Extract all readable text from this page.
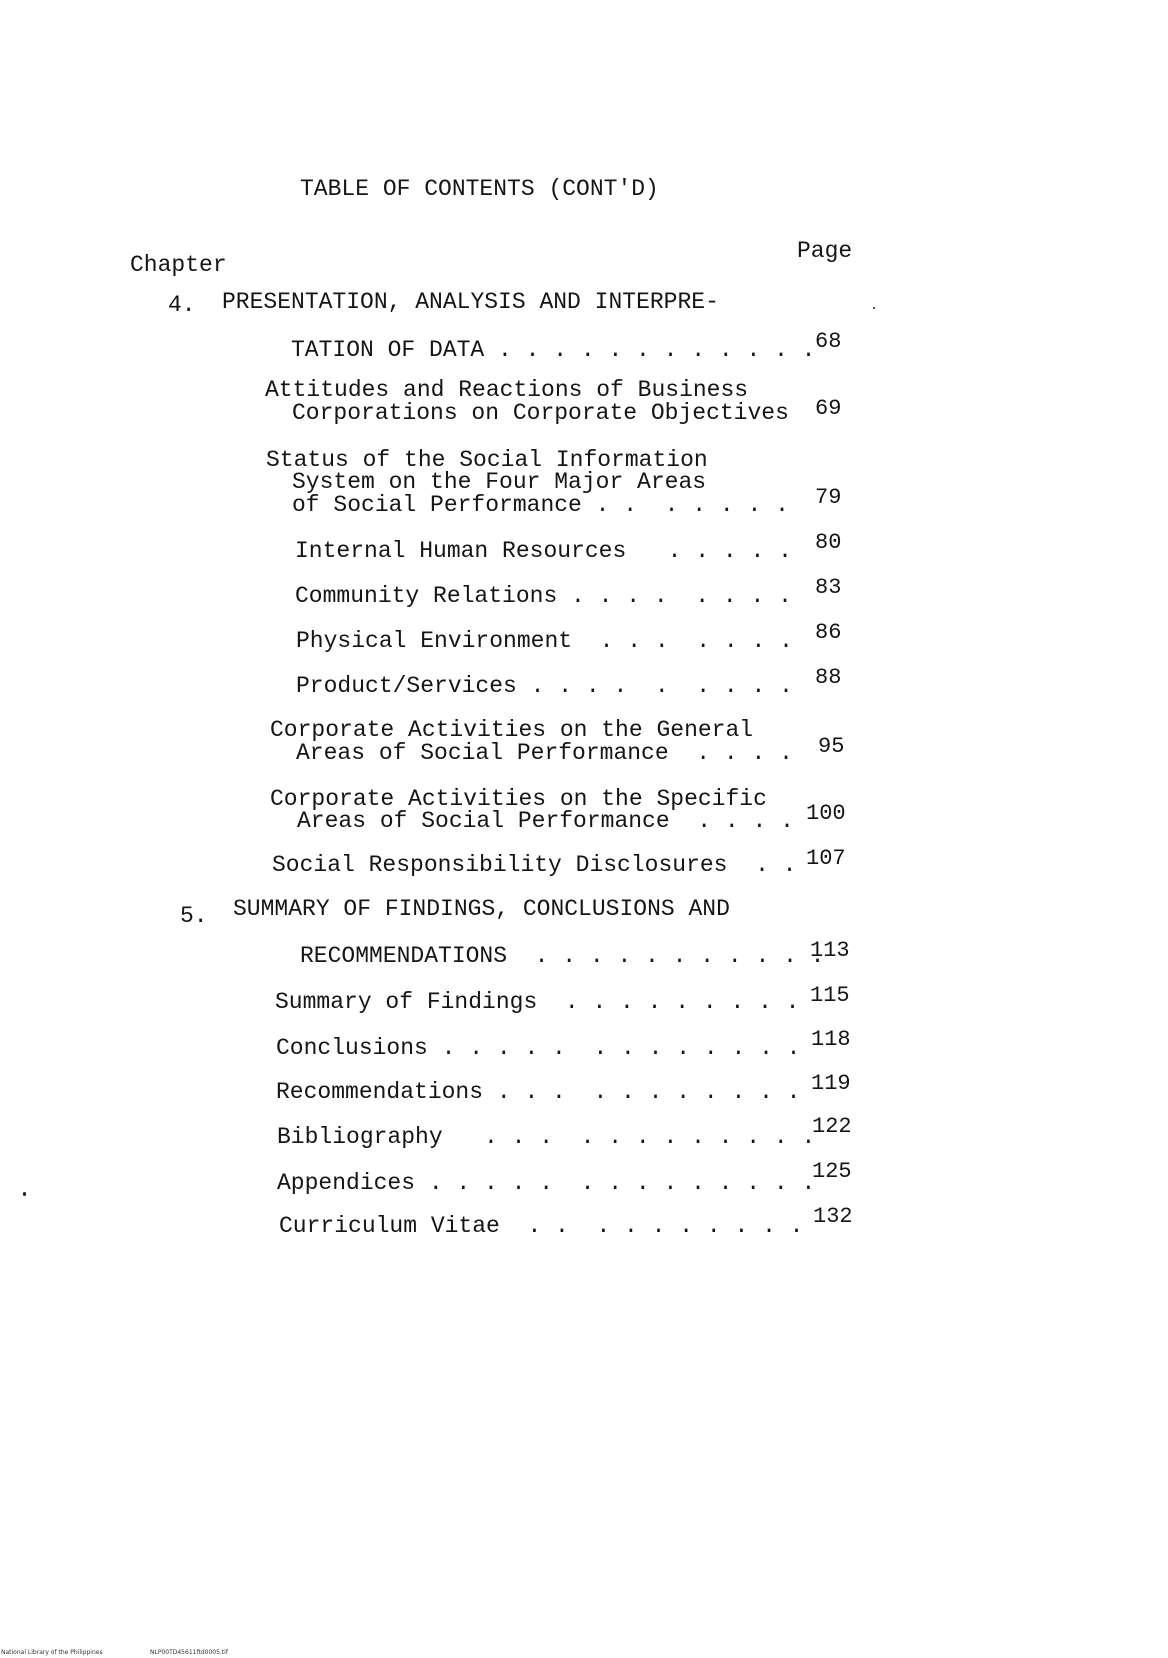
TABLE OF CONTENTS (CONT'D)
Chapter
Page
4. PRESENTATION, ANALYSIS AND INTERPRE-
TATION OF DATA . . . . . . . . . . . . 68
Attitudes and Reactions of Business
Corporations on Corporate Objectives 69
Status of the Social Information
System on the Four Major Areas
of Social Performance . .  . . . . . 79
Internal Human Resources   . . . . . 80
Community Relations . . . .  . . . . 83
Physical Environment  . . .  . . . . 86
Product/Services . . . .  .  . . . . 88
Corporate Activities on the General
Areas of Social Performance  . . . . 95
Corporate Activities on the Specific
Areas of Social Performance  . . . . 100
Social Responsibility Disclosures  . . 107
5. SUMMARY OF FINDINGS, CONCLUSIONS AND
RECOMMENDATIONS  . . . . . . . . . . .
113
Summary of Findings  . . . . . . . . . 115
Conclusions . . . . .  . . . . . . . . 118
Recommendations . . .  . . . . . . . . 119
Bibliography   . . .  . . . . . . . . .
122
Appendices . . . . .  . . . . . . . . .
125
Curriculum Vitae  . .  . . . . . . . . 132
National Library of the Philippines	NLP00TD45611ftd0005.tif
